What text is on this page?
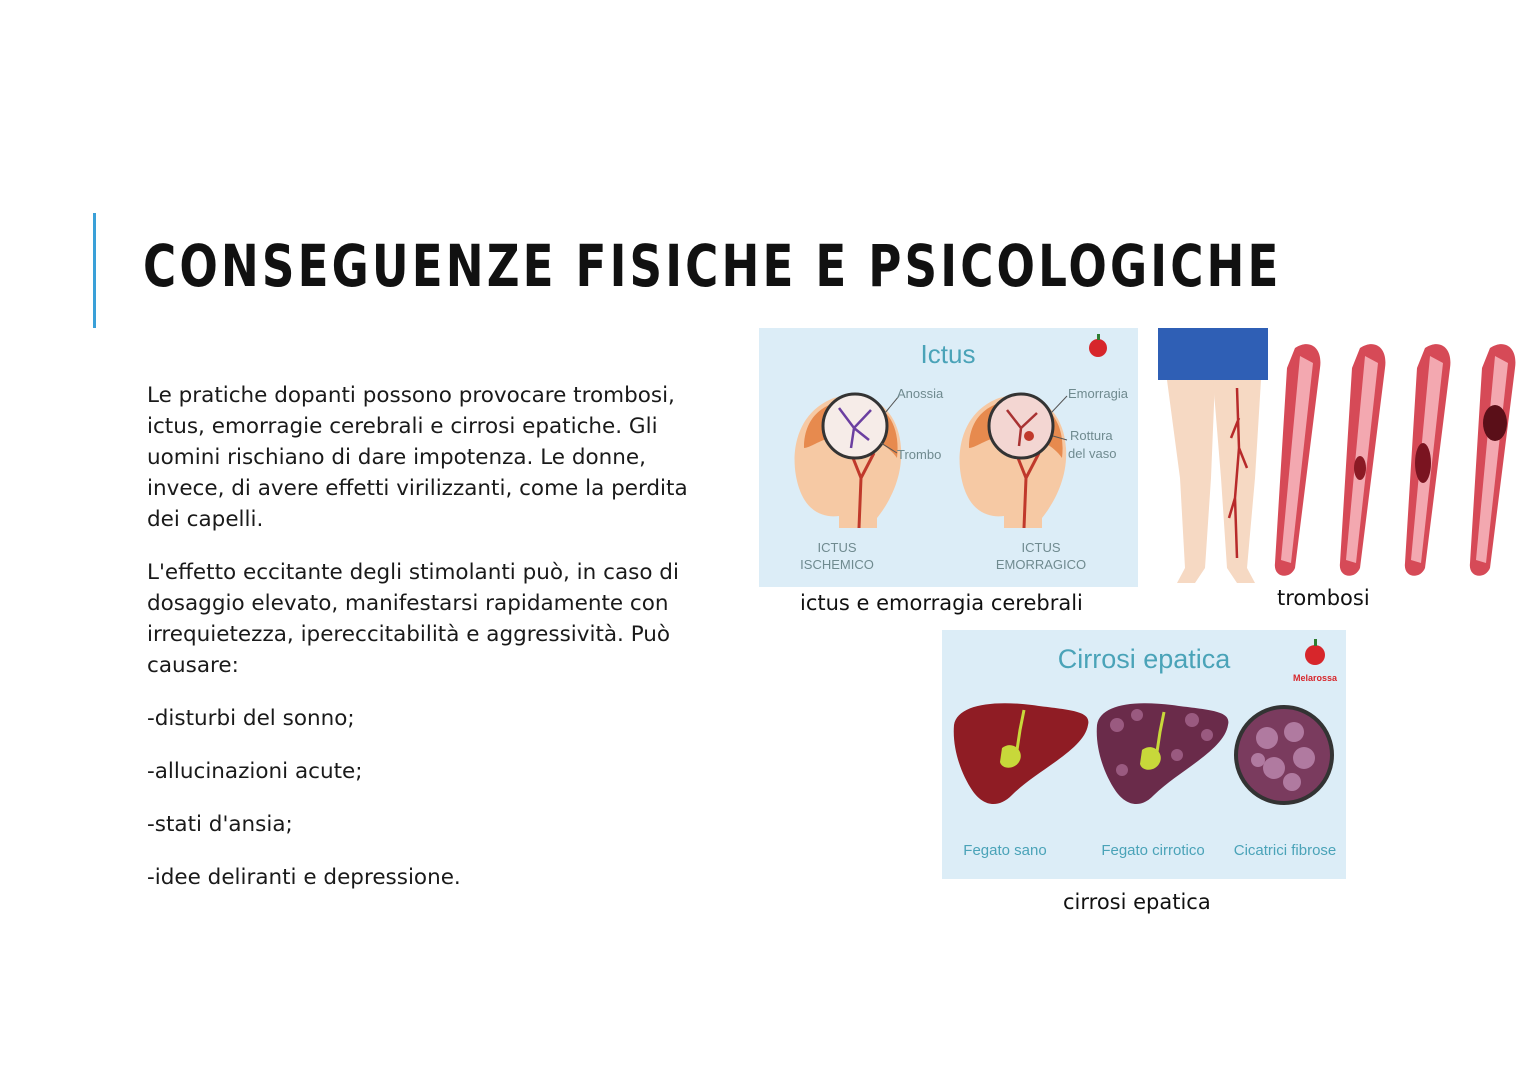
CONSEGUENZE FISICHE E PSICOLOGICHE

Le pratiche dopanti possono provocare trombosi, ictus, emorragie cerebrali e cirrosi epatiche. Gli uomini rischiano di dare impotenza. Le donne, invece, di avere effetti virilizzanti, come la perdita dei capelli.

L'effetto eccitante degli stimolanti può, in caso di dosaggio elevato, manifestarsi rapidamente con irrequietezza, ipereccitabilità e aggressività. Può causare:

-disturbi del sonno;

-allucinazioni acute;

-stati d'ansia;

-idee deliranti e depressione.

Ictus
Anossia
Trombo
Emorragia
Rottura
del vaso
ICTUS
ISCHEMICO
ICTUS
EMORRAGICO
ictus e emorragia cerebrali	trombosi
Cirrosi epatica
Melarossa
Fegato sano	Fegato cirrotico Cicatrici fibrose
cirrosi epatica
